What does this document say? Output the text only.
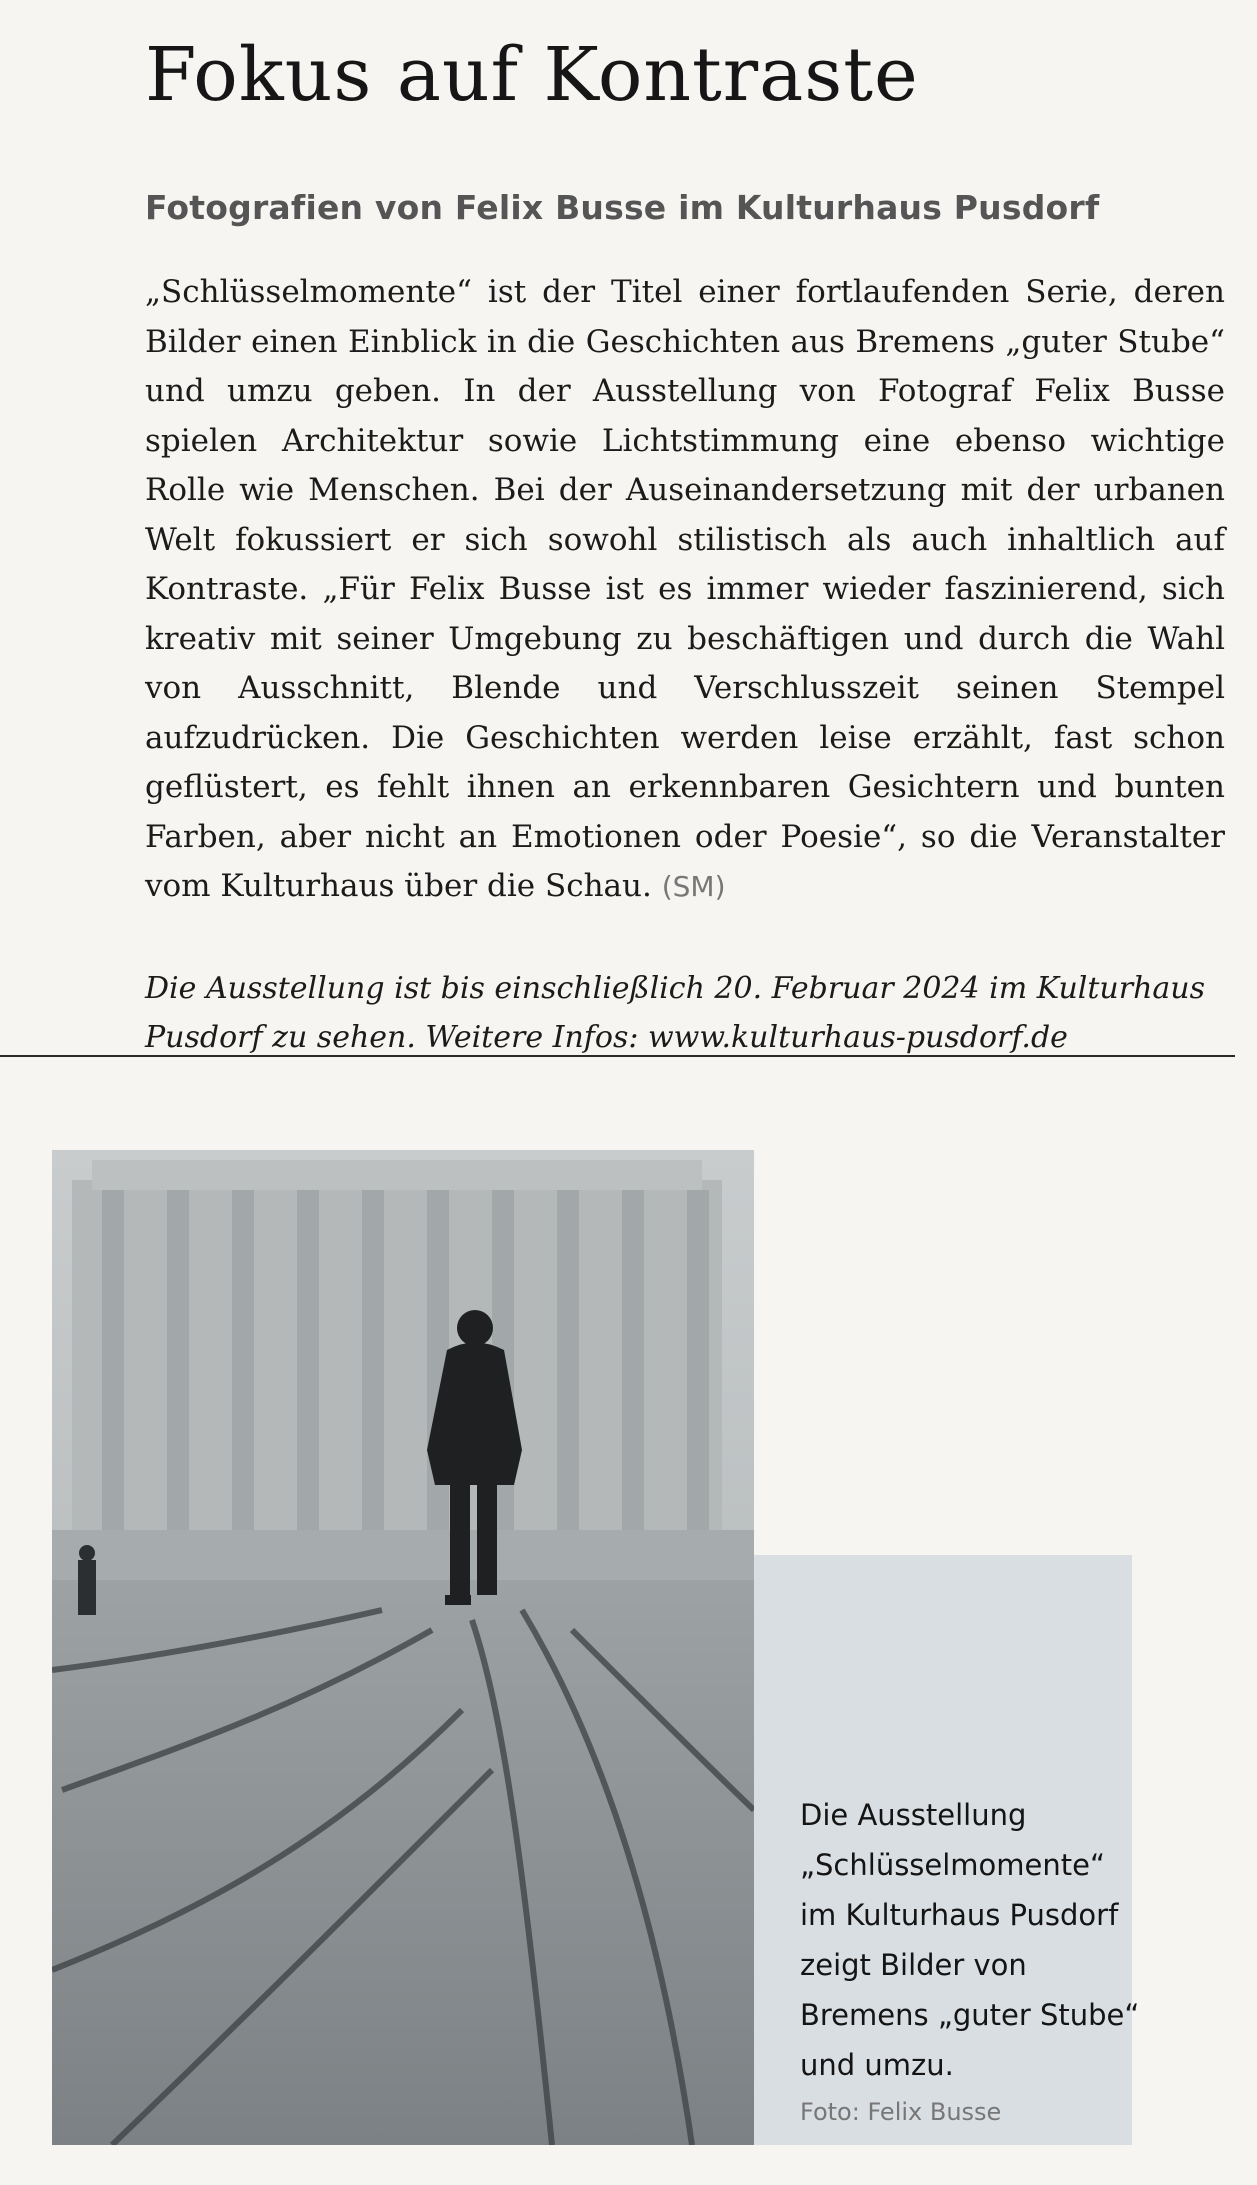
Fokus auf Kontraste
Fotografien von Felix Busse im Kulturhaus Pusdorf
„Schlüsselmomente“ ist der Titel einer fortlaufenden Serie, deren Bilder einen Einblick in die Geschichten aus Bremens „guter Stube“ und umzu geben. In der Ausstellung von Fotograf Felix Busse spielen Architektur sowie Lichtstimmung eine ebenso wichtige Rolle wie Menschen. Bei der Auseinandersetzung mit der urbanen Welt fokussiert er sich sowohl stilistisch als auch inhaltlich auf Kontraste. „Für Felix Busse ist es immer wieder faszinierend, sich kreativ mit seiner Umgebung zu beschäftigen und durch die Wahl von Ausschnitt, Blende und Verschlusszeit seinen Stempel aufzudrücken. Die Geschichten werden leise erzählt, fast schon geflüstert, es fehlt ihnen an erkennbaren Gesichtern und bunten Farben, aber nicht an Emotionen oder Poesie“, so die Veranstalter vom Kulturhaus über die Schau. (SM)
Die Ausstellung ist bis einschließlich 20. Februar 2024 im Kulturhaus Pusdorf zu sehen. Weitere Infos: www.kulturhaus-pusdorf.de
Die Ausstellung „Schlüsselmomente“ im Kulturhaus Pusdorf zeigt Bilder von Bremens „guter Stube“ und umzu.
Foto: Felix Busse
